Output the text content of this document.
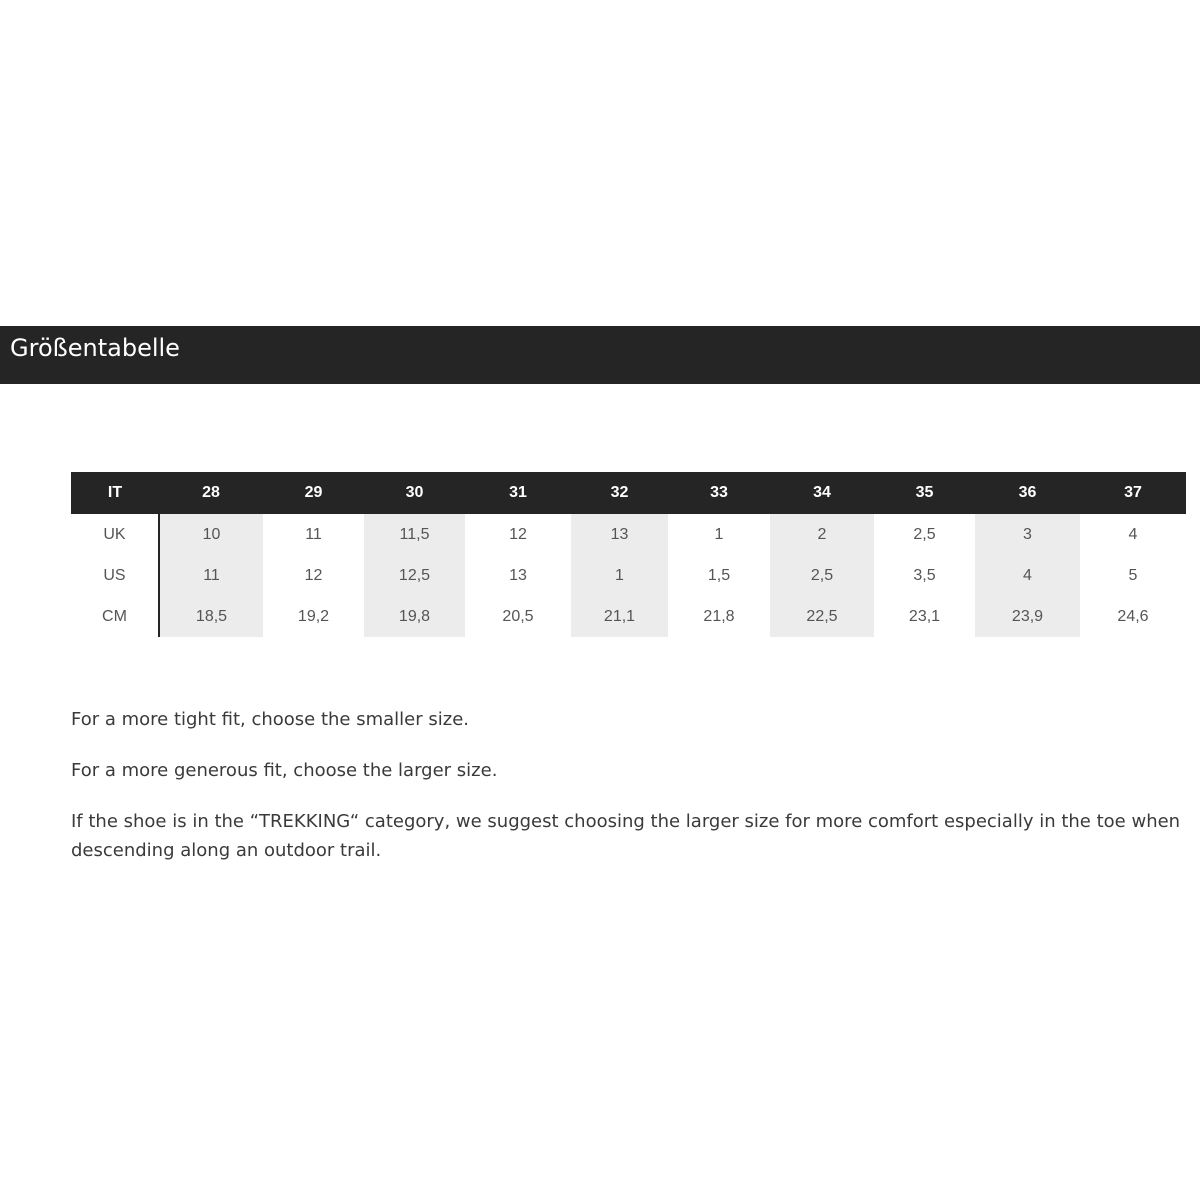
Größentabelle
IT	28	29	30	31	32	33	34	35	36	37
UK	10	11	11,5	12	13	1	2	2,5	3	4
US	11	12	12,5	13	1	1,5	2,5	3,5	4	5
CM	18,5	19,2	19,8	20,5	21,1	21,8	22,5	23,1	23,9	24,6

For a more tight fit, choose the smaller size.

For a more generous fit, choose the larger size.

If the shoe is in the “TREKKING“ category, we suggest choosing the larger size for more comfort especially in the toe when descending along an outdoor trail.
